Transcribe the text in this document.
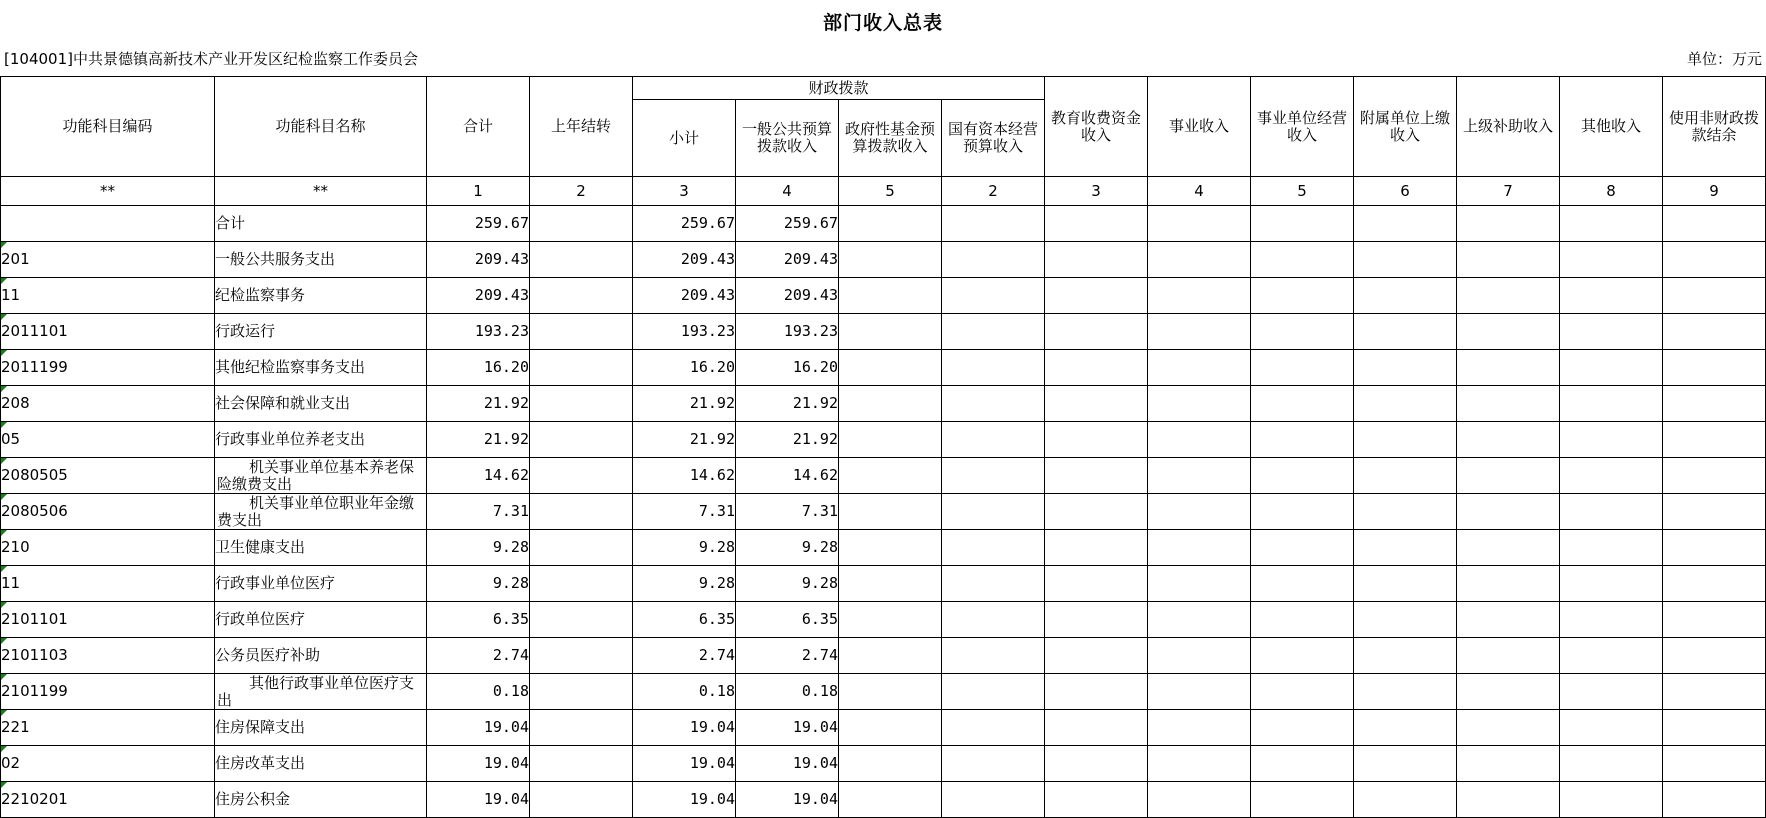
部门收入总表
[104001]中共景德镇高新技术产业开发区纪检监察工作委员会	单位：万元
功能科目编码	功能科目名称	合计	上年结转	财政拨款				教育收费资金收入	事业收入	事业单位经营收入	附属单位上缴收入	上级补助收入	其他收入	使用非财政拨款结余
				小计	一般公共预算拨款收入	政府性基金预算拨款收入	国有资本经营预算收入							
**	**	1	2	3	4	5	2	3	4	5	6	7	8	9
	合计	259.67		259.67	259.67									

201	一般公共服务支出	209.43		209.43	209.43									

11	纪检监察事务	209.43		209.43	209.43									

2011101	行政运行	193.23		193.23	193.23									

2011199	其他纪检监察事务支出	16.20		16.20	16.20									

208	社会保障和就业支出	21.92		21.92	21.92									

05	行政事业单位养老支出	21.92		21.92	21.92									

2080505	机关事业单位基本养老保险缴费支出	14.62		14.62	14.62									

2080506	机关事业单位职业年金缴费支出	7.31		7.31	7.31									

210	卫生健康支出	9.28		9.28	9.28									

11	行政事业单位医疗	9.28		9.28	9.28									

2101101	行政单位医疗	6.35		6.35	6.35									

2101103	公务员医疗补助	2.74		2.74	2.74									

2101199	其他行政事业单位医疗支出	0.18		0.18	0.18									

221	住房保障支出	19.04		19.04	19.04									

02	住房改革支出	19.04		19.04	19.04									

2210201	住房公积金	19.04		19.04	19.04									
